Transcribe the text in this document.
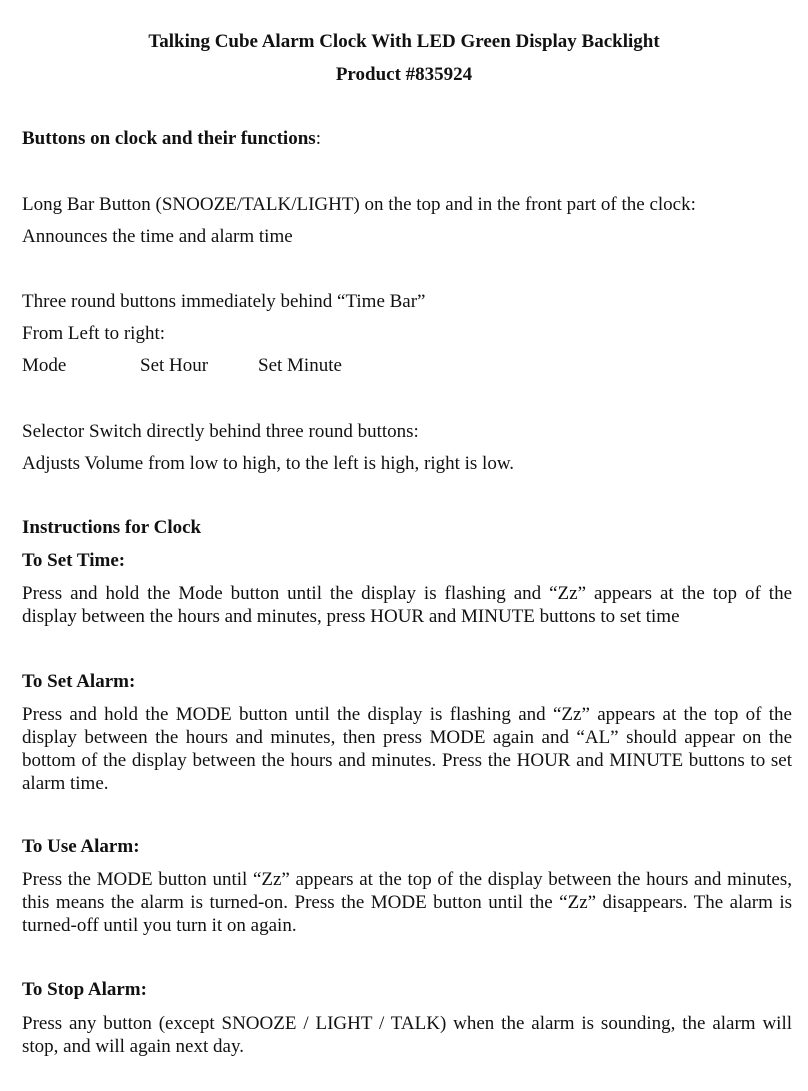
Talking Cube Alarm Clock With LED Green Display Backlight
Product #835924
Buttons on clock and their functions:
Long Bar Button (SNOOZE/TALK/LIGHT) on the top and in the front part of the clock:
Announces the time and alarm time
Three round buttons immediately behind “Time Bar”
From Left to right:
Mode	Set Hour	Set Minute
Selector Switch directly behind three round buttons:
Adjusts Volume from low to high, to the left is high, right is low.
Instructions for Clock
To Set Time:
Press and hold the Mode button until the display is flashing and “Zz” appears at the top of the display between the hours and minutes, press HOUR and MINUTE buttons to set time
To Set Alarm:
Press and hold the MODE button until the display is flashing and “Zz” appears at the top of the display between the hours and minutes, then press MODE again and “AL” should appear on the bottom of the display between the hours and minutes. Press the HOUR and MINUTE buttons to set alarm time.
To Use Alarm:
Press the MODE button until “Zz” appears at the top of the display between the hours and minutes, this means the alarm is turned-on. Press the MODE button until the “Zz” disappears. The alarm is turned-off until you turn it on again.
To Stop Alarm:
Press any button (except SNOOZE / LIGHT / TALK) when the alarm is sounding, the alarm will stop, and will again next day.
